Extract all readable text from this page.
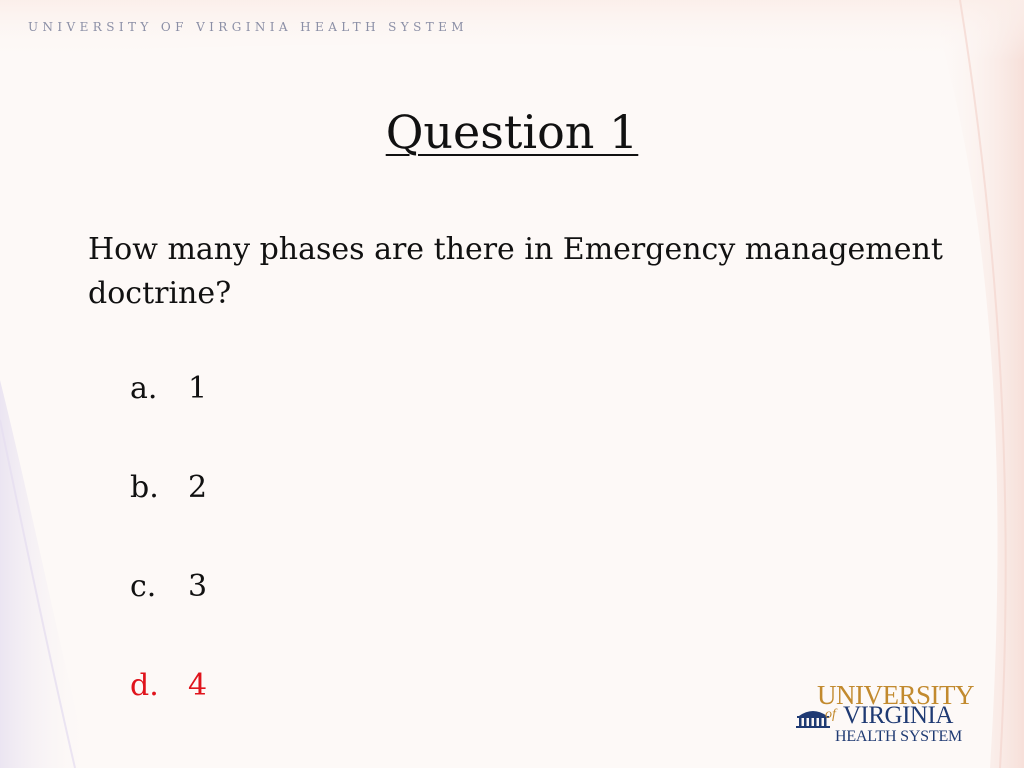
UNIVERSITY OF VIRGINIA HEALTH SYSTEM
Question 1
How many phases are there in Emergency management doctrine?
a.	1
b. 2
c.	3
d. 4	UNIVERSITY
of VIRGINIA
HEALTH SYSTEM
